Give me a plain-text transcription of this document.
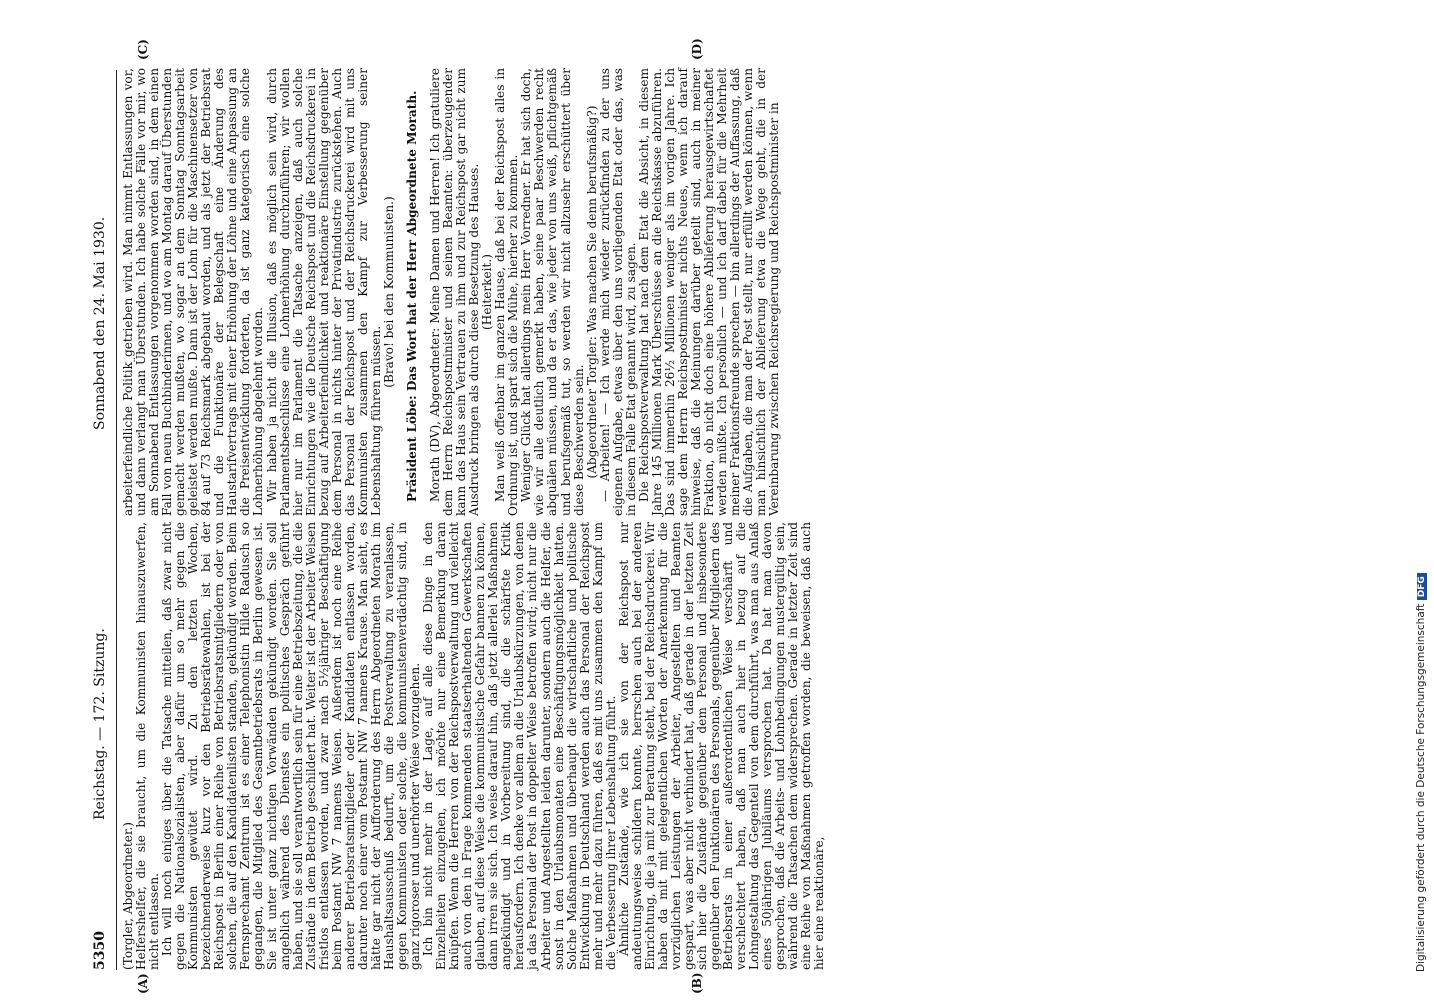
5350
Reichstag. — 172. Sitzung.
Sonnabend den 24. Mai 1930.
(A)	(B)
(C)	(D)

(Torgler, Abgeordneter.) Helfershelfer, die sie braucht, um die Kommunisten hinauszuwerfen, nicht entlassen. Ich will noch einiges über die Tatsache mitteilen, daß zwar nicht gegen die Nationalsozialisten, aber dafür um so mehr gegen die Kommunisten gewütet wird. Zu den letzten Wochen, bezeichnenderweise kurz vor den Betriebsrätewahlen, ist bei der Reichspost in Berlin einer Reihe von Betriebsratsmitgliedern oder von solchen, die auf den Kandidatenlisten standen, gekündigt worden. Beim Fernsprechamt Zentrum ist es einer Telephonistin Hilde Radusch so gegangen, die Mitglied des Gesamtbetriebsrats in Berlin gewesen ist. Sie ist unter ganz nichtigen Vorwänden gekündigt worden. Sie soll angeblich während des Dienstes ein politisches Gespräch geführt haben, und sie soll verantwortlich sein für eine Betriebszeitung, die die Zustände in dem Betrieb geschildert hat. Weiter ist der Arbeiter Weisen fristlos entlassen worden, und zwar nach 5½jähriger Beschäftigung beim Postamt NW 7 namens Weisen. Außerdem ist noch eine Reihe anderer Betriebsratsmitglieder oder Kandidaten entlassen worden, darunter noch einer vom Postamt NW 7 namens Krause. Man sieht, es hätte gar nicht der Aufforderung des Herrn Abgeordneten Morath im Haushaltsausschuß bedurft, um die Postverwaltung zu veranlassen, gegen Kommunisten oder solche, die kommunistenverdächtig sind, in ganz rigoroser und unerhörter Weise vorzugehen. Ich bin nicht mehr in der Lage, auf alle diese Dinge in den Einzelheiten einzugehen, ich möchte nur eine Bemerkung daran knüpfen. Wenn die Herren von der Reichspostverwaltung und vielleicht auch von den in Frage kommenden staatserhaltenden Gewerkschaften glauben, auf diese Weise die kommunistische Gefahr bannen zu können, dann irren sie sich. Ich weise darauf hin, daß jetzt allerlei Maßnahmen angekündigt und in Vorbereitung sind, die die schärfste Kritik herausfordern. Ich denke vor allem an die Urlaubskürzungen, von denen ja das Personal der Post in doppelter Weise betroffen wird; nicht nur die Arbeiter und Angestellten leiden darunter, sondern auch die Helfer, die sonst in den Urlaubsmonaten eine Beschäftigungsmöglichkeit hatten. Solche Maßnahmen und überhaupt die wirtschaftliche und politische Entwicklung in Deutschland werden auch das Personal der Reichspost mehr und mehr dazu führen, daß es mit uns zusammen den Kampf um die Verbesserung ihrer Lebenshaltung führt. Ähnliche Zustände, wie ich sie von der Reichspost nur andeutungsweise schildern konnte, herrschen auch bei der anderen Einrichtung, die ja mit zur Beratung steht, bei der Reichsdruckerei. Wir haben da mit mit gelegentlichen Worten der Anerkennung für die vorzüglichen Leistungen der Arbeiter, Angestellten und Beamten gespart, was aber nicht verhindert hat, daß gerade in der letzten Zeit sich hier die Zustände gegenüber dem Personal und insbesondere gegenüber den Funktionären des Personals, gegenüber Mitgliedern des Betriebsrats in einer außerordentlichen Weise verschärft und verschlechtert haben, daß man auch hier in bezug auf die Lohngestaltung das Gegenteil von dem durchführt, was man aus Anlaß eines 50jährigen Jubiläums versprochen hat. Da hat man davon gesprochen, daß die Arbeits- und Lohnbedingungen mustergültig sein, während die Tatsachen dem widersprechen. Gerade in letzter Zeit sind eine Reihe von Maßnahmen getroffen worden, die beweisen, daß auch hier eine reaktionäre,

arbeiterfeindliche Politik getrieben wird. Man nimmt Entlassungen vor, und dann verlangt man Überstunden. Ich habe solche Fälle vor mir, wo am Sonnabend Entlassungen vorgenommen worden sind, in dem einen Fall von neun Buchbinderinnen, und wo am Montag darauf Überstunden gemacht werden mußten, wo sogar an dem Sonntag Sonntagsarbeit geleistet werden mußte. Dann ist der Lohn für die Maschinensetzer von 84 auf 73 Reichsmark abgebaut worden, und als jetzt der Betriebsrat und die Funktionäre der Belegschaft eine Änderung des Haustarifvertrags mit einer Erhöhung der Löhne und eine Anpassung an die Preisentwicklung forderten, da ist ganz kategorisch eine solche Lohnerhöhung abgelehnt worden. Wir haben ja nicht die Illusion, daß es möglich sein wird, durch Parlamentsbeschlüsse eine Lohnerhöhung durchzuführen; wir wollen hier nur im Parlament die Tatsache anzeigen, daß auch solche Einrichtungen wie die Deutsche Reichspost und die Reichsdruckerei in bezug auf Arbeiterfeindlichkeit und reaktionäre Einstellung gegenüber dem Personal in nichts hinter der Privatindustrie zurückstehen. Auch das Personal der Reichspost und der Reichsdruckerei wird mit uns Kommunisten zusammen den Kampf zur Verbesserung seiner Lebenshaltung führen müssen.

(Bravo! bei den Kommunisten.) Präsident Löbe: Das Wort hat der Herr Abgeordnete Morath. Morath (DV), Abgeordneter: Meine Damen und Herren! Ich gratuliere dem Herrn Reichspostminister und seinen Beamten: überzeugender kann das Haus sein Vertrauen zu ihm und zur Reichspost gar nicht zum Ausdruck bringen als durch diese Besetzung des Hauses. (Heiterkeit.) Man weiß offenbar im ganzen Hause, daß bei der Reichspost alles in Ordnung ist, und spart sich die Mühe, hierher zu kommen. Weniger Glück hat allerdings mein Herr Vorredner. Er hat sich doch, wie wir alle deutlich gemerkt haben, seine paar Beschwerden recht abquälen müssen, und da er das, wie jeder von uns weiß, pflichtgemäß und berufsgemäß tut, so werden wir nicht allzusehr erschüttert über diese Beschwerden sein. (Abgeordneter Torgler: Was machen Sie denn berufsmäßig?) — Arbeiten! — Ich werde mich wieder zurückfinden zu der uns eigenen Aufgabe, etwas über den uns vorliegenden Etat oder das, was in diesem Falle Etat genannt wird, zu sagen. Die Reichspostverwaltung hat nach dem Etat die Absicht, in diesem Jahre 145 Millionen Mark Überschüsse an die Reichskasse abzuführen. Das sind immerhin 26½ Millionen weniger als im vorigen Jahre. Ich sage dem Herrn Reichspostminister nichts Neues, wenn ich darauf hinweise, daß die Meinungen darüber geteilt sind, auch in meiner Fraktion, ob nicht doch eine höhere Ablieferung herausgewirtschaftet werden müßte. Ich persönlich — und ich darf dabei für die Mehrheit meiner Fraktionsfreunde sprechen — bin allerdings der Auffassung, daß die Aufgaben, die man der Post stellt, nur erfüllt werden können, wenn man hinsichtlich der Ablieferung etwa die Wege geht, die in der Vereinbarung zwischen Reichsregierung und Reichspostminister in

Digitalisierung gefördert durch die Deutsche Forschungsgemeinschaft DFG
